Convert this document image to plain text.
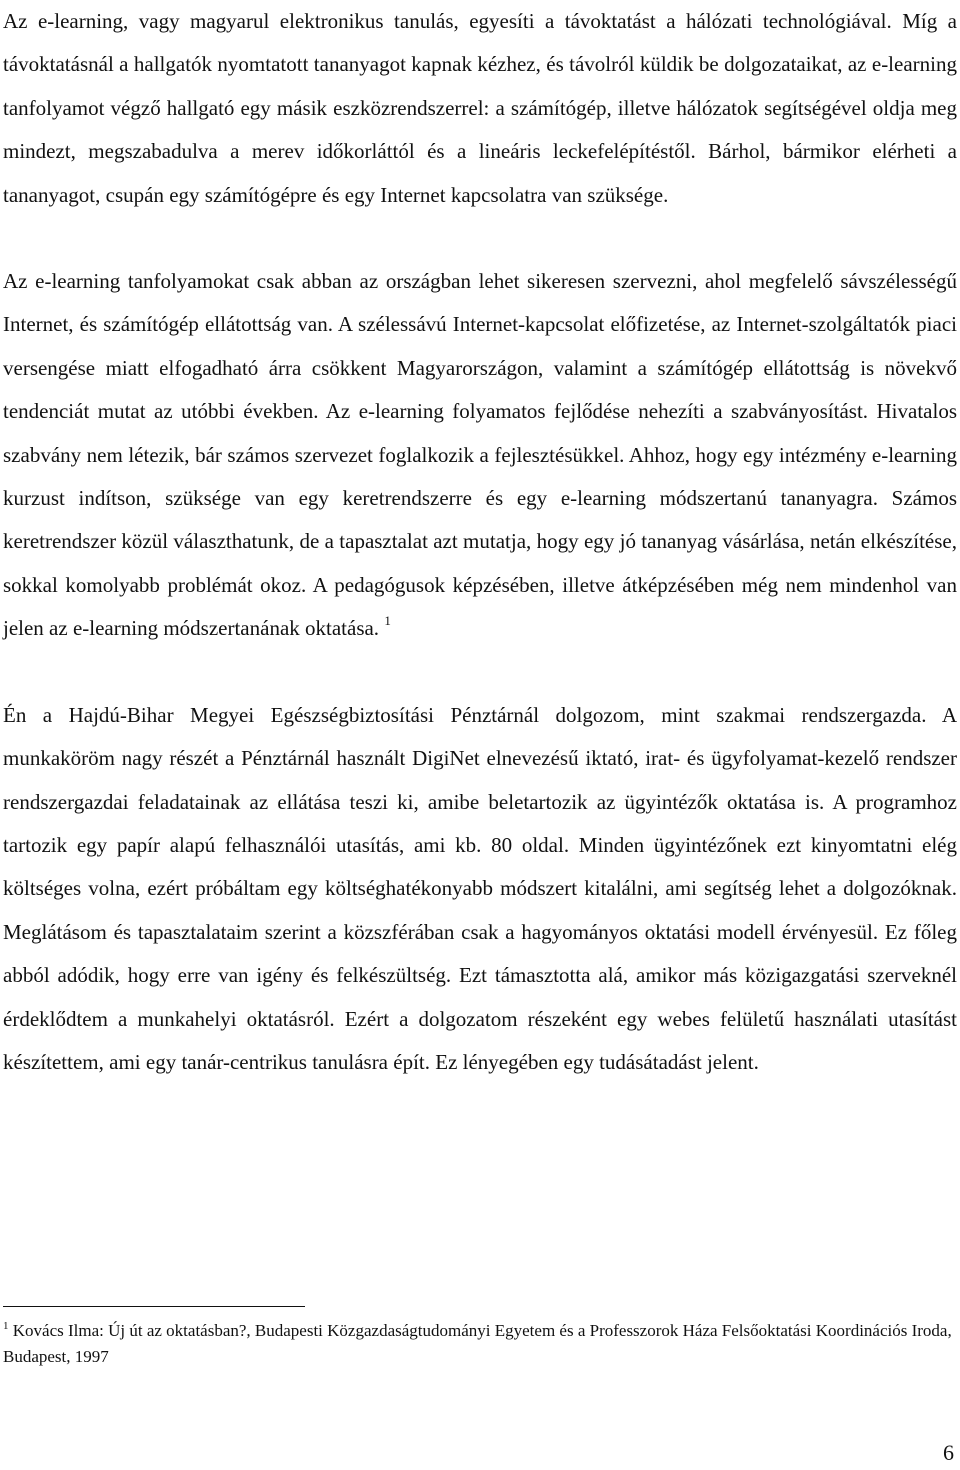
Az e-learning, vagy magyarul elektronikus tanulás, egyesíti a távoktatást a hálózati technológiával. Míg a távoktatásnál a hallgatók nyomtatott tananyagot kapnak kézhez, és távolról küldik be dolgozataikat, az e-learning tanfolyamot végző hallgató egy másik eszközrendszerrel: a számítógép, illetve hálózatok segítségével oldja meg mindezt, megszabadulva a merev időkorláttól és a lineáris leckefelépítéstől. Bárhol, bármikor elérheti a tananyagot, csupán egy számítógépre és egy Internet kapcsolatra van szüksége.

Az e-learning tanfolyamokat csak abban az országban lehet sikeresen szervezni, ahol megfelelő sávszélességű Internet, és számítógép ellátottság van. A szélessávú Internet-kapcsolat előfizetése, az Internet-szolgáltatók piaci versengése miatt elfogadható árra csökkent Magyarországon, valamint a számítógép ellátottság is növekvő tendenciát mutat az utóbbi években. Az e-learning folyamatos fejlődése nehezíti a szabványosítást. Hivatalos szabvány nem létezik, bár számos szervezet foglalkozik a fejlesztésükkel. Ahhoz, hogy egy intézmény e-learning kurzust indítson, szüksége van egy keretrendszerre és egy e-learning módszertanú tananyagra. Számos keretrendszer közül választhatunk, de a tapasztalat azt mutatja, hogy egy jó tananyag vásárlása, netán elkészítése, sokkal komolyabb problémát okoz. A pedagógusok képzésében, illetve átképzésében még nem mindenhol van jelen az e-learning módszertanának oktatása. $^1$

Én a Hajdú-Bihar Megyei Egészségbiztosítási Pénztárnál dolgozom, mint szakmai rendszergazda. A munkaköröm nagy részét a Pénztárnál használt DigiNet elnevezésű iktató, irat- és ügyfolyamat-kezelő rendszer rendszergazdai feladatainak az ellátása teszi ki, amibe beletartozik az ügyintézők oktatása is. A programhoz tartozik egy papír alapú felhasználói utasítás, ami kb. 80 oldal. Minden ügyintézőnek ezt kinyomtatni elég költséges volna, ezért próbáltam egy költséghatékonyabb módszert kitalálni, ami segítség lehet a dolgozóknak. Meglátásom és tapasztalataim szerint a közszférában csak a hagyományos oktatási modell érvényesül. Ez főleg abból adódik, hogy erre van igény és felkészültség. Ezt támasztotta alá, amikor más közigazgatási szerveknél érdeklődtem a munkahelyi oktatásról. Ezért a dolgozatom részeként egy webes felületű használati utasítást készítettem, ami egy tanár-centrikus tanulásra épít. Ez lényegében egy tudásátadást jelent.

$^1$ Kovács Ilma: Új út az oktatásban?, Budapesti Közgazdaságtudományi Egyetem és a Professzorok Háza Felsőoktatási Koordinációs Iroda, Budapest, 1997

6
